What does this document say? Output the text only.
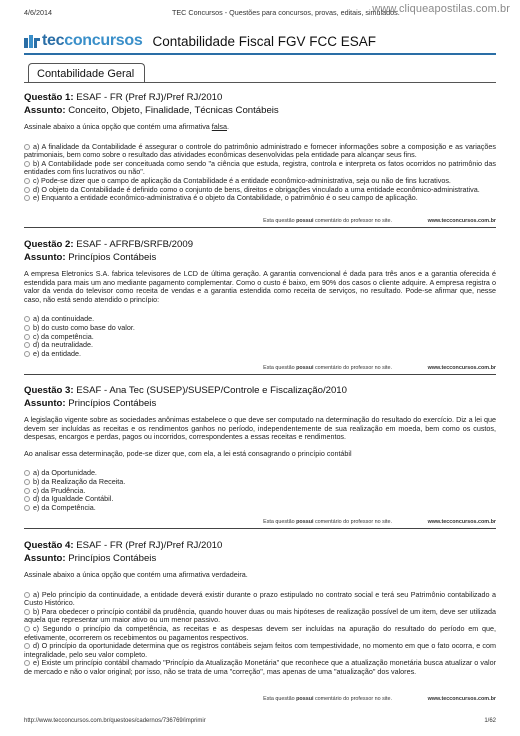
4/6/2014	TEC Concursos - Questões para concursos, provas, editais, simulados.
www.cliqueapostilas.com.br
tecconcursos Contabilidade Fiscal FGV FCC ESAF
Contabilidade Geral
Questão 1: ESAF - FR (Pref RJ)/Pref RJ/2010
Assunto: Conceito, Objeto, Finalidade, Técnicas Contábeis
Assinale abaixo a única opção que contém uma afirmativa falsa.
a) A finalidade da Contabilidade é assegurar o controle do patrimônio administrado e fornecer informações sobre a composição e as variações patrimoniais, bem como sobre o resultado das atividades econômicas desenvolvidas pela entidade para alcançar seus fins.
b) A Contabilidade pode ser conceituada como sendo "a ciência que estuda, registra, controla e interpreta os fatos ocorridos no patrimônio das entidades com fins lucrativos ou não".
c) Pode-se dizer que o campo de aplicação da Contabilidade é a entidade econômico-administrativa, seja ou não de fins lucrativos.
d) O objeto da Contabilidade é definido como o conjunto de bens, direitos e obrigações vinculado a uma entidade econômico-administrativa.
e) Enquanto a entidade econômico-administrativa é o objeto da Contabilidade, o patrimônio é o seu campo de aplicação.
Esta questão possui comentário do professor no site.	www.tecconcursos.com.br
Questão 2: ESAF - AFRFB/SRFB/2009
Assunto: Princípios Contábeis
A empresa Eletronics S.A. fabrica televisores de LCD de última geração. A garantia convencional é dada para três anos e a garantia oferecida é estendida para mais um ano mediante pagamento complementar. Como o custo é baixo, em 90% dos casos o cliente adquire. A empresa registra o valor da venda do televisor como receita de vendas e a garantia estendida como receita de serviços, no resultado. Pode-se afirmar que, nesse caso, não está sendo atendido o princípio:
a) da continuidade.
b) do custo como base do valor.
c) da competência.
d) da neutralidade.
e) da entidade.
Esta questão possui comentário do professor no site.	www.tecconcursos.com.br
Questão 3: ESAF - Ana Tec (SUSEP)/SUSEP/Controle e Fiscalização/2010
Assunto: Princípios Contábeis
A legislação vigente sobre as sociedades anônimas estabelece o que deve ser computado na determinação do resultado do exercício. Diz a lei que devem ser incluídas as receitas e os rendimentos ganhos no período, independentemente de sua realização em moeda, bem como os custos, despesas, encargos e perdas, pagos ou incorridos, correspondentes a essas receitas e rendimentos.
Ao analisar essa determinação, pode-se dizer que, com ela, a lei está consagrando o princípio contábil
a) da Oportunidade.
b) da Realização da Receita.
c) da Prudência.
d) da Igualdade Contábil.
e) da Competência.
Esta questão possui comentário do professor no site.	www.tecconcursos.com.br
Questão 4: ESAF - FR (Pref RJ)/Pref RJ/2010
Assunto: Princípios Contábeis
Assinale abaixo a única opção que contém uma afirmativa verdadeira.
a) Pelo princípio da continuidade, a entidade deverá existir durante o prazo estipulado no contrato social e terá seu Patrimônio contabilizado a Custo Histórico.
b) Para obedecer o princípio contábil da prudência, quando houver duas ou mais hipóteses de realização possível de um item, deve ser utilizada aquela que representar um maior ativo ou um menor passivo.
c) Segundo o princípio da competência, as receitas e as despesas devem ser incluídas na apuração do resultado do período em que, efetivamente, ocorrerem os recebimentos ou pagamentos respectivos.
d) O princípio da oportunidade determina que os registros contábeis sejam feitos com tempestividade, no momento em que o fato ocorra, e com integralidade, pelo seu valor completo.
e) Existe um princípio contábil chamado "Princípio da Atualização Monetária" que reconhece que a atualização monetária busca atualizar o valor de mercado e não o valor original; por isso, não se trata de uma "correção", mas apenas de uma "atualização" dos valores.
Esta questão possui comentário do professor no site.	www.tecconcursos.com.br
http://www.tecconcursos.com.br/questoes/cadernos/736769/imprimir	1/62
